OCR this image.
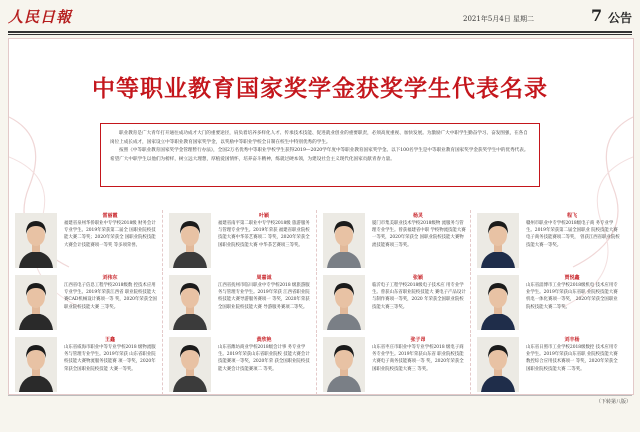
人民日報	2021年5月4日 星期二	7 公告
中等职业教育国家奖学金获奖学生代表名录

职业教育是广大青年打开通往成功成才大门的重要途径，肩负着培养多样化人才、传承技术技能、促进就业创业的重要职责，必须高度重视、加快发展。为激励广大中职学生勤奋学习、奋发图强，在各自岗位上成长成才，国家设立中等职业教育国家奖学金，以奖励中等职业学校全日制在校生中特别优秀的学生。

按照《中等职业教育国家奖学金管理暂行办法》，全国2万名优秀中等职业学校学生获得2019—2020学年度中等职业教育国家奖学金。以下100名学生是中等职业教育国家奖学金获奖学生中的优秀代表。希望广大中职学生以他们为榜样，树立远大理想，厚植爱国情怀，培养奋斗精神，练就过硬本领，为建设社会主义现代化国家贡献青春力量。

雷丽霞
福建省泉州华侨职业中专学校2018级 财务会计专业学生。2019年荣获第二届全 国职业院校技能大赛二等奖；2020年荣获全 国职业院校技能大赛会计技能赛项一等奖 等多项荣誉。
叶颖
福建省南平第二职业中专学校2018级 旅游服务与管理专业学生。2019年荣获 福建省职业院校技能大赛中华茶艺赛项二 等奖，2020年荣获全国职业院校技能大赛 中华茶艺赛项三等奖。
杨灵
厦门市集美职业技术学校2018级物 流服务与管理专业学生。曾获福建省中职 学校物流技能大赛一等奖，2020年荣获全 国职业院校技能大赛物流技能赛项三等奖。
程飞
赣州市职业中专学校2018级电子商 务专业学生。2019年荣获第二届全国职业 院校技能大赛电子商务技能赛项二等奖， 曾获江西省职业院校技能大赛一等奖。
刘伟东
江西省电子信息工程学校2018级数 控技术应用专业学生。2019年荣获江西省 职业院校技能大赛CAD机械设计赛项一等 奖，2020年荣获全国职业院校技能大赛 三等奖。
周嘉诚
江西省抚州市临川职业中专学校2018 级旅游服务与管理专业学生。2019年荣获 江西省职业院校技能大赛导游服务赛项一 等奖，2020年荣获全国职业院校技能大赛 导游服务赛项二等奖。
张颖
临沂电子工程学校2018级电子技术应 用专业学生。曾获山东省职业院校技能大 赛电子产品设计与制作赛项一等奖，2020 年荣获全国职业院校技能大赛三等奖。
贾悦鑫
山东省淄博市工业学校2018级机电 技术应用专业学生。2019年荣获山东省职 业院校技能大赛机电一体化赛项一等奖， 2020年荣获全国职业院校技能大赛二等奖。
王鑫
山东省威海市职业中等专业学校2018 级物流服务与管理专业学生。2019年荣获 山东省职业院校技能大赛物流服务技能赛 项一等奖，2020年荣获全国职业院校技能 大赛一等奖。
黄欣艳
山东省潍坊商业学校2018级会计事 务专业学生。2019年荣获山东省职业院校 技能大赛会计技能赛项一等奖，2020年荣 获全国职业院校技能大赛会计技能赛项二 等奖。
张子昂
山东省枣庄市职业中等专业学校2018 级电子商务专业学生。2019年荣获山东省 职业院校技能大赛电子商务技能赛项一等 奖，2020年荣获全国职业院校技能大赛三 等奖。
刘丰杨
山东省日照市工业学校2018级数控 技术应用专业学生。2019年荣获山东省职 业院校技能大赛数控综合应用技术赛项一 等奖，2020年荣获全国职业院校技能大赛 二等奖。
（下转第八版）
